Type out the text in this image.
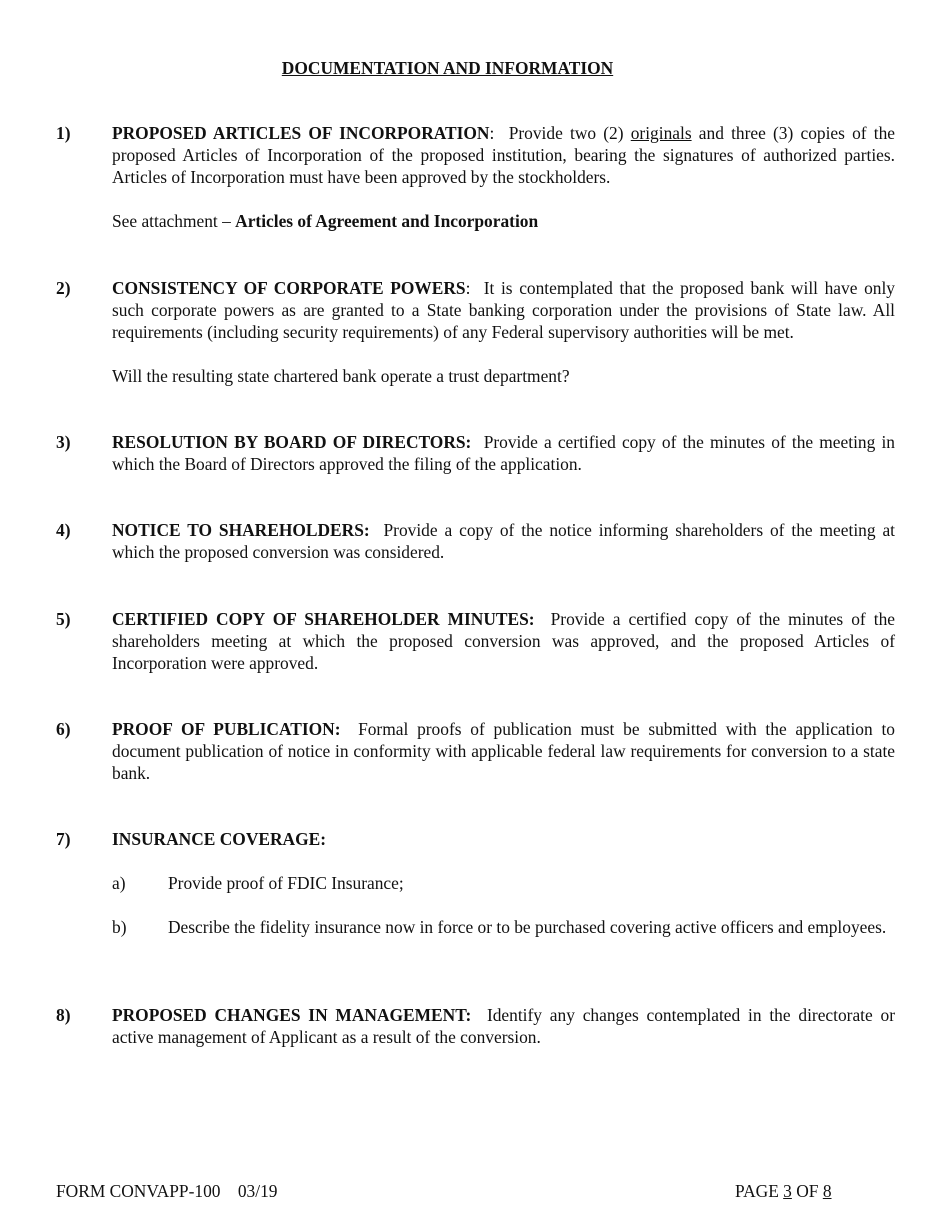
DOCUMENTATION AND INFORMATION
1) PROPOSED ARTICLES OF INCORPORATION:  Provide two (2) originals and three (3) copies of the proposed Articles of Incorporation of the proposed institution, bearing the signatures of authorized parties. Articles of Incorporation must have been approved by the stockholders.
See attachment – Articles of Agreement and Incorporation
2) CONSISTENCY OF CORPORATE POWERS:  It is contemplated that the proposed bank will have only such corporate powers as are granted to a State banking corporation under the provisions of State law. All requirements (including security requirements) of any Federal supervisory authorities will be met.
Will the resulting state chartered bank operate a trust department?
3) RESOLUTION BY BOARD OF DIRECTORS: Provide a certified copy of the minutes of the meeting in which the Board of Directors approved the filing of the application.
4) NOTICE TO SHAREHOLDERS: Provide a copy of the notice informing shareholders of the meeting at which the proposed conversion was considered.
5) CERTIFIED COPY OF SHAREHOLDER MINUTES: Provide a certified copy of the minutes of the shareholders meeting at which the proposed conversion was approved, and the proposed Articles of Incorporation were approved.
6) PROOF OF PUBLICATION: Formal proofs of publication must be submitted with the application to document publication of notice in conformity with applicable federal law requirements for conversion to a state bank.
7) INSURANCE COVERAGE:
a) Provide proof of FDIC Insurance;
b) Describe the fidelity insurance now in force or to be purchased covering active officers and employees.
8) PROPOSED CHANGES IN MANAGEMENT: Identify any changes contemplated in the directorate or active management of Applicant as a result of the conversion.
FORM CONVAPP-100 03/19	PAGE 3 OF 8
